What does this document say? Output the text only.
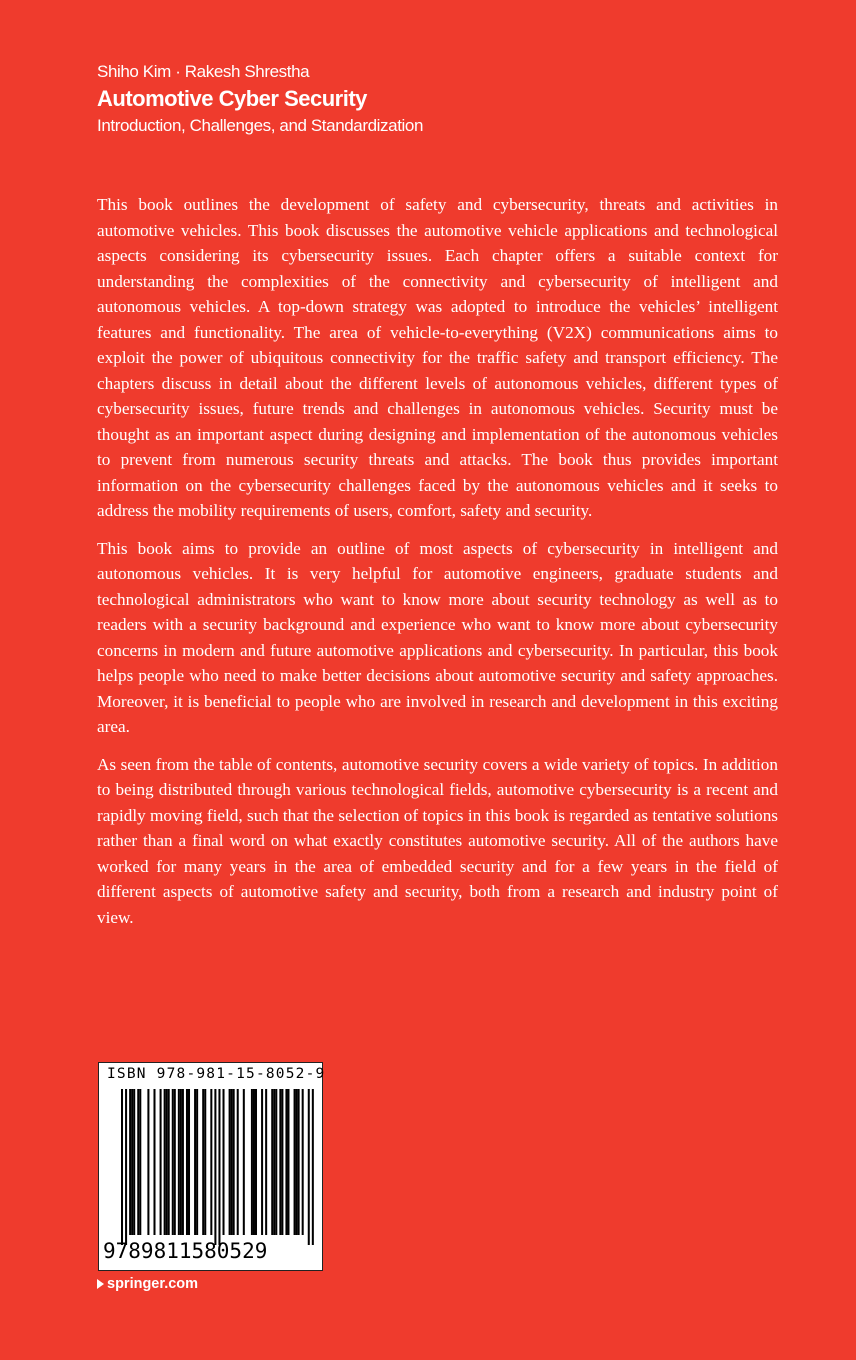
Shiho Kim · Rakesh Shrestha

Automotive Cyber Security

Introduction, Challenges, and Standardization

This book outlines the development of safety and cybersecurity, threats and activities in automotive vehicles. This book discusses the automotive vehicle applications and technological aspects considering its cybersecurity issues. Each chapter offers a suitable context for understanding the complexities of the connectivity and cybersecurity of intelligent and autonomous vehicles. A top-down strategy was adopted to introduce the vehicles’ intelligent features and functionality. The area of vehicle-to-everything (V2X) communications aims to exploit the power of ubiquitous connectivity for the traffic safety and transport efficiency. The chapters discuss in detail about the different levels of autonomous vehicles, different types of cybersecurity issues, future trends and challenges in autonomous vehicles. Security must be thought as an important aspect during designing and implementation of the autonomous vehicles to prevent from numerous security threats and attacks. The book thus provides important information on the cybersecurity challenges faced by the autonomous vehicles and it seeks to address the mobility requirements of users, comfort, safety and security.

This book aims to provide an outline of most aspects of cybersecurity in intelligent and autonomous vehicles. It is very helpful for automotive engineers, graduate students and technological administrators who want to know more about security technology as well as to readers with a security background and experience who want to know more about cybersecurity concerns in modern and future automotive applications and cybersecurity. In particular, this book helps people who need to make better decisions about automotive security and safety approaches. Moreover, it is beneficial to people who are involved in research and development in this exciting area.

As seen from the table of contents, automotive security covers a wide variety of topics. In addition to being distributed through various technological fields, automotive cybersecurity is a recent and rapidly moving field, such that the selection of topics in this book is regarded as tentative solutions rather than a final word on what exactly constitutes automotive security. All of the authors have worked for many years in the area of embedded security and for a few years in the field of different aspects of automotive safety and security, both from a research and industry point of view.

ISBN 978-981-15-8052-9
9789811580529
springer.com
